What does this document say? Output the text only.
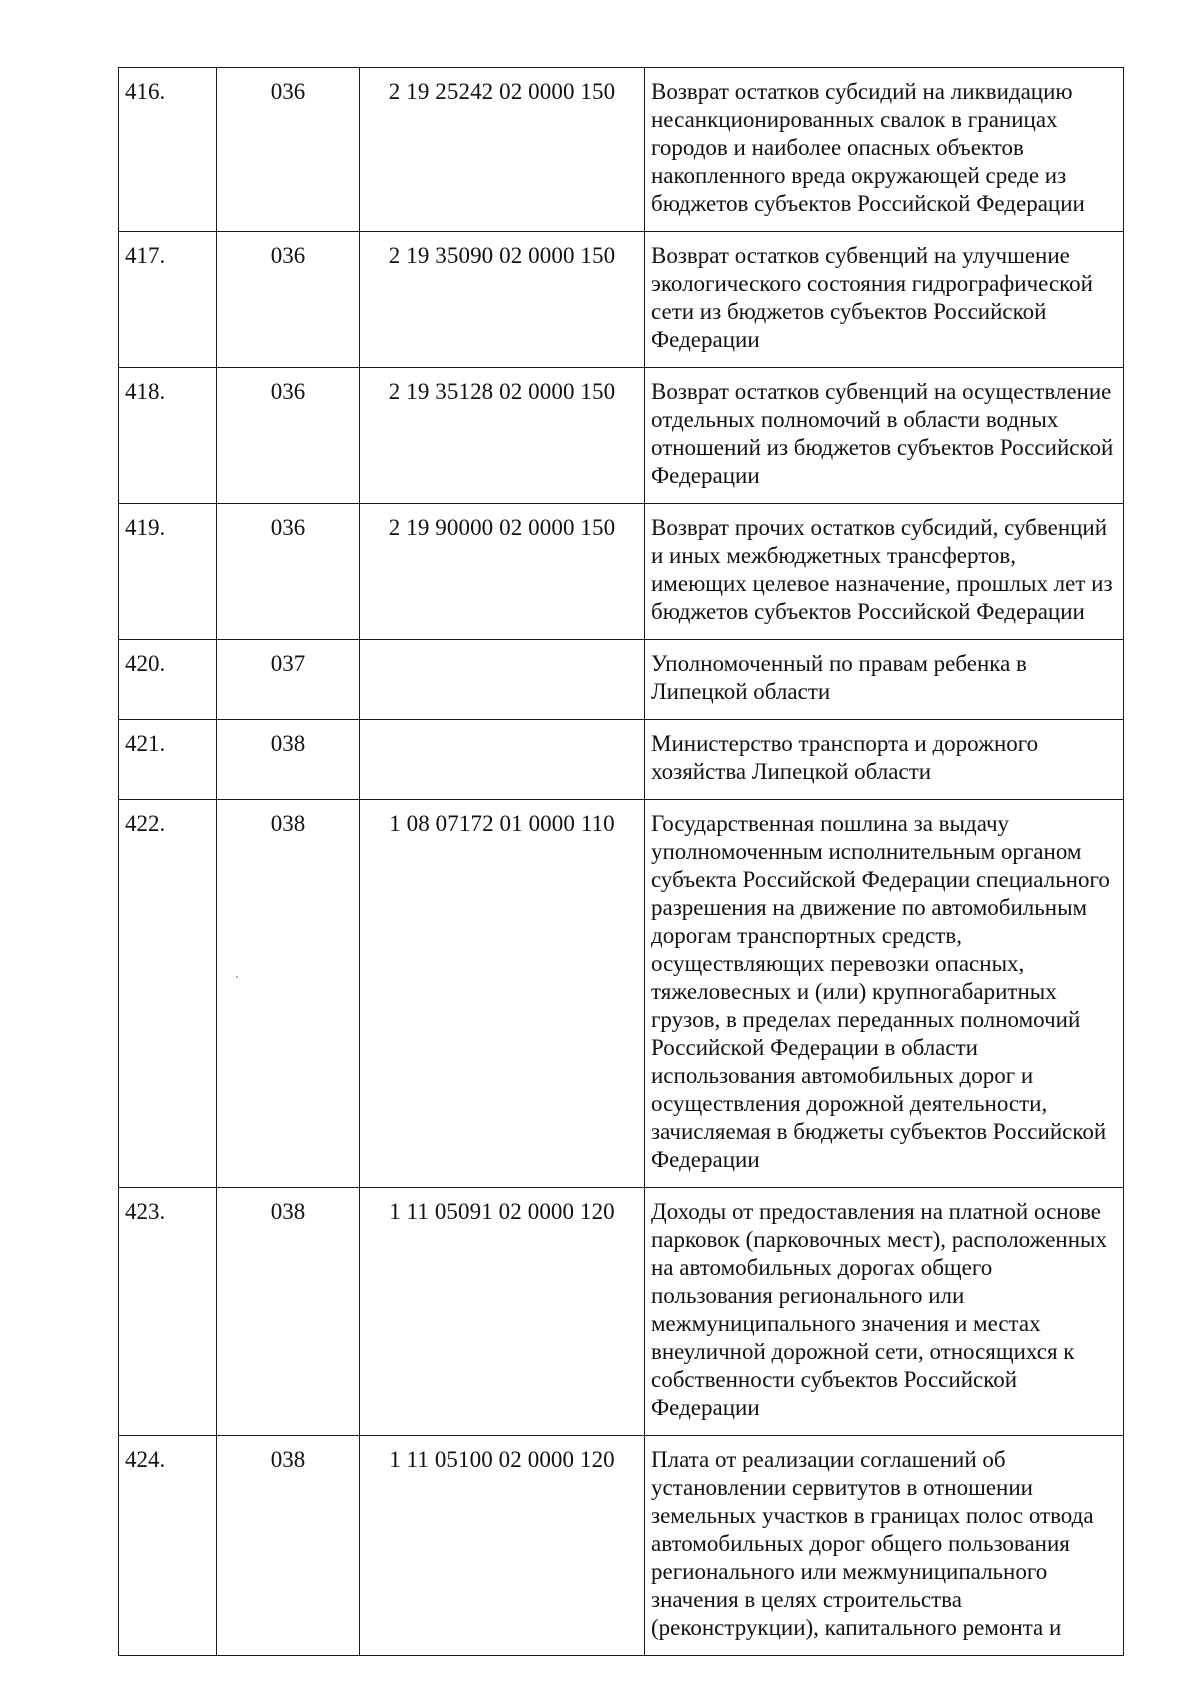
416.	036	2 19 25242 02 0000 150	Возврат остатков субсидий на ликвидацию несанкционированных свалок в границах городов и наиболее опасных объектов накопленного вреда окружающей среде из бюджетов субъектов Российской Федерации
417.	036	2 19 35090 02 0000 150	Возврат остатков субвенций на улучшение экологического состояния гидрографической сети из бюджетов субъектов Российской Федерации
418.	036	2 19 35128 02 0000 150	Возврат остатков субвенций на осуществление отдельных полномочий в области водных отношений из бюджетов субъектов Российской Федерации
419.	036	2 19 90000 02 0000 150	Возврат прочих остатков субсидий, субвенций и иных межбюджетных трансфертов, имеющих целевое назначение, прошлых лет из бюджетов субъектов Российской Федерации
420.	037		Уполномоченный по правам ребенка в Липецкой области
421.	038		Министерство транспорта и дорожного хозяйства Липецкой области
422.	038	1 08 07172 01 0000 110	Государственная пошлина за выдачу уполномоченным исполнительным органом субъекта Российской Федерации специального разрешения на движение по автомобильным дорогам транспортных средств, осуществляющих перевозки опасных, тяжеловесных и (или) крупногабаритных грузов, в пределах переданных полномочий Российской Федерации в области использования автомобильных дорог и осуществления дорожной деятельности, зачисляемая в бюджеты субъектов Российской Федерации
423.	038	1 11 05091 02 0000 120	Доходы от предоставления на платной основе парковок (парковочных мест), расположенных на автомобильных дорогах общего пользования регионального или межмуниципального значения и местах внеуличной дорожной сети, относящихся к собственности субъектов Российской Федерации
424.	038	1 11 05100 02 0000 120	Плата от реализации соглашений об установлении сервитутов в отношении земельных участков в границах полос отвода автомобильных дорог общего пользования регионального или межмуниципального значения в целях строительства (реконструкции), капитального ремонта и
